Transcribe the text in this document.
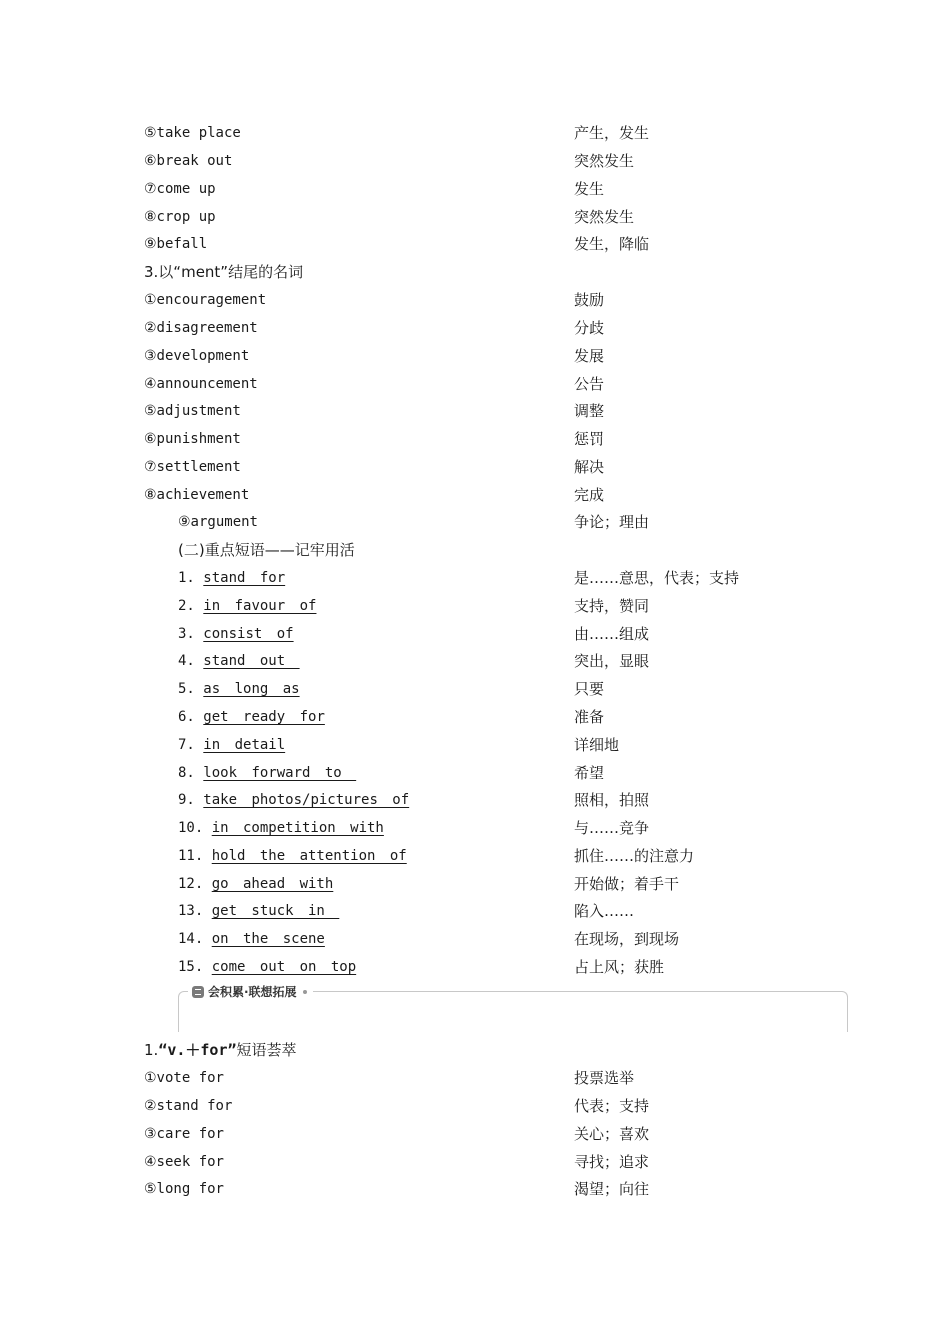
⑤take place	产生，发生
⑥break out	突然发生
⑦come up	发生
⑧crop up	突然发生
⑨befall	发生，降临
3.以“ment”结尾的名词
①encouragement	鼓励
②disagreement	分歧
③development	发展
④announcement	公告
⑤adjustment	调整
⑥punishment	惩罚
⑦settlement	解决
⑧achievement	完成
⑨argument	争论；理由
(二)重点短语——记牢用活
1. stand for	是……意思，代表；支持
2. in favour of	支持，赞同
3. consist of	由……组成
4. stand out	突出，显眼
5. as long as	只要
6. get ready for	准备
7. in detail	详细地
8. look forward to	希望
9. take photos/pictures of	照相，拍照
10. in competition with	与……竞争
11. hold the attention of	抓住……的注意力
12. go ahead with	开始做；着手干
13. get stuck in	陷入……
14. on the scene	在现场，到现场
15. come out on top	占上风；获胜
会积累·联想拓展
1.“v.＋for”短语荟萃
①vote for	投票选举
②stand for	代表；支持
③care for	关心；喜欢
④seek for	寻找；追求
⑤long for	渴望；向往
